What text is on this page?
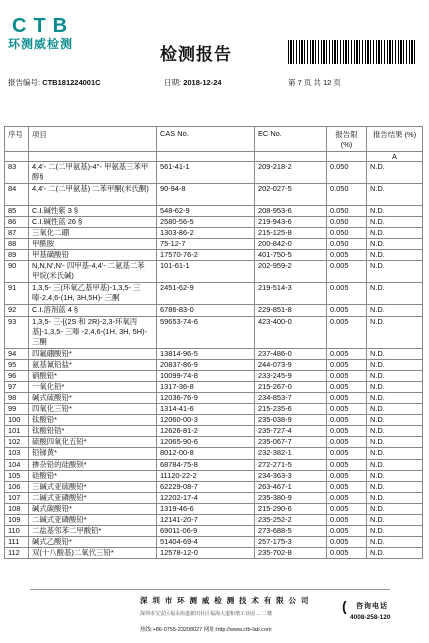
CTB
环测威检测
检测报告
报告编号: CTB181224001C	日期: 2018-12-24	第 7 页 共 12 页
序号	项目	CAS No.	EC No.	报告限 (%)	报告结果 (%)
					A
83	4,4'- 二(二甲氨基)-4''- 甲氨基三苯甲醇§	561-41-1	209-218-2	0.050	N.D.
84	4,4'- 二(二甲氨基) 二苯甲酮(米氏酮)	90-94-8	202-027-5	0.050	N.D.
85	C.I.碱性紫 3 §	548-62-9	208-953-6	0.050	N.D.
86	C.I.碱性蓝 26 §	2580-56-5	219-943-6	0.050	N.D.
87	三氧化二硼	1303-86-2	215-125-8	0.050	N.D.
88	甲酰胺	75-12-7	200-842-0	0.050	N.D.
89	甲基磺酸铅	17570-76-2	401-750-5	0.005	N.D.
90	N,N,N',N'- 四甲基-4,4'- 二氨基二苯 甲烷(米氏碱)	101-61-1	202-959-2	0.005	N.D.
91	1,3,5- 三(环氧乙基甲基)-1,3,5- 三嗪-2,4,6-(1H, 3H,5H)- 三酮	2451-62-9	219-514-3	0.005	N.D.
92	C.I.溶剂蓝 4 §	6786-83-0	229-851-8	0.005	N.D.
93	1,3,5- 三-[(2S 和 2R)-2,3-环氧丙 基]-1,3,5- 三嗪 -2,4,6-(1H, 3H, 5H)- 三酮	59653-74-6	423-400-0	0.005	N.D.
94	四氟硼酸铅*	13814-96-5	237-486-0	0.005	N.D.
95	氨基氰铅盐*	20837-86-9	244-073-9	0.005	N.D.
96	硝酸铅*	10099-74-8	233-245-9	0.005	N.D.
97	一氧化铅*	1317-36-8	215-267-0	0.005	N.D.
98	碱式硫酸铅*	12036-76-9	234-853-7	0.005	N.D.
99	四氧化三铅*	1314-41-6	215-235-6	0.005	N.D.
100	钛酸铅*	12060-00-3	235-038-9	0.005	N.D.
101	钛酸铅锆*	12626-81-2	235-727-4	0.005	N.D.
102	硫酸四氧化五铅*	12065-90-6	235-067-7	0.005	N.D.
103	铅锑黄*	8012-00-8	232-382-1	0.005	N.D.
104	掺杂铅的硅酸钡*	68784-75-8	272-271-5	0.005	N.D.
105	硅酸铅*	11120-22-2	234-363-3	0.005	N.D.
106	三碱式亚硫酸铅*	62229-08-7	263-467-1	0.005	N.D.
107	二碱式亚磷酸铅*	12202-17-4	235-380-9	0.005	N.D.
108	碱式碳酸铅*	1319-46-6	215-290-6	0.005	N.D.
109	二碱式亚磷酸铅*	12141-20-7	235-252-2	0.005	N.D.
110	二盐基邻苯二甲酸铅*	69011-06-9	273-688-5	0.005	N.D.
111	碱式乙酸铅*	51404-69-4	257-175-3	0.005	N.D.
112	双(十八酸基)二氧代三铅*	12578-12-0	235-702-8	0.005	N.D.
深 圳 市 环 测 威 检 测 技 术 有 限 公 司
深圳市宝安区福永街道新田社区福海大道和谐工业园 ... 二楼
热线:+86-0755-23208027 网址:http://www.ctb-lab.com
( 咨询电话
4008-258-120
